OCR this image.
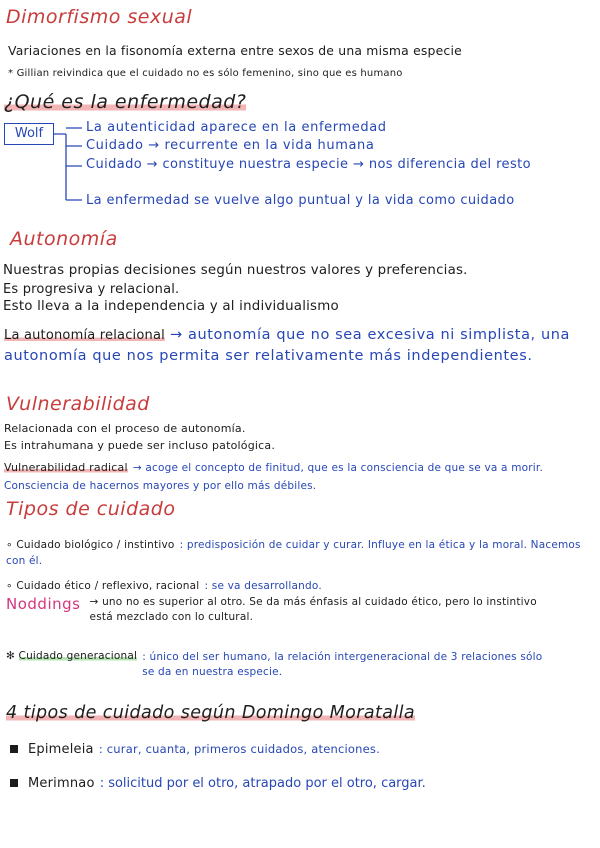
Dimorfismo sexual
Variaciones en la fisonomía externa entre sexos de una misma especie
* Gillian reivindica que el cuidado no es sólo femenino, sino que es humano
¿Qué es la enfermedad?
Wolf	La autenticidad aparece en la enfermedad
Cuidado → recurrente en la vida humana
Cuidado → constituye nuestra especie → nos diferencia del resto
La enfermedad se vuelve algo puntual y la vida como cuidado
Autonomía
Nuestras propias decisiones según nuestros valores y preferencias.
Es progresiva y relacional.
Esto lleva a la independencia y al individualismo
La autonomía relacional → autonomía que no sea excesiva ni simplista, una autonomía que nos permita ser relativamente más independientes.
Vulnerabilidad
Relacionada con el proceso de autonomía.
Es intrahumana y puede ser incluso patológica.
Vulnerabilidad radical → acoge el concepto de finitud, que es la consciencia de que se va a morir. Consciencia de hacernos mayores y por ello más débiles.
Tipos de cuidado
∘ Cuidado biológico / instintivo : predisposición de cuidar y curar. Influye en la ética y la moral. Nacemos con él.
∘ Cuidado ético / reflexivo, racional : se va desarrollando.
Noddings → uno no es superior al otro. Se da más énfasis al cuidado ético, pero lo instintivo está mezclado con lo cultural.
✻ Cuidado generacional : único del ser humano, la relación intergeneracional de 3 relaciones sólo se da en nuestra especie.
4 tipos de cuidado según Domingo Moratalla
Epimeleia : curar, cuanta, primeros cuidados, atenciones.
Merimnao : solicitud por el otro, atrapado por el otro, cargar.
